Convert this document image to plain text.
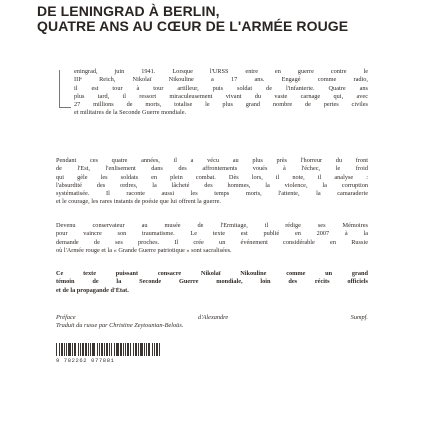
DE LENINGRAD À BERLIN,
QUATRE ANS AU CŒUR DE L'ARMÉE ROUGE
eningrad, juin 1941. Lorsque l'URSS entre en guerre contre le
IIIᵉ Reich, Nikolaï Nikouline a 17 ans. Engagé comme radio,
il est tour à tour artilleur, puis soldat de l'infanterie. Quatre ans
plus tard, il ressort miraculeusement vivant du vaste carnage qui, avec
27 millions de morts, totalise le plus grand nombre de pertes civiles
et militaires de la Seconde Guerre mondiale.
Pendant ces quatre années, il a vécu au plus près l'horreur du front
de l'Est, l'enlisement dans des affrontements voués à l'échec, le froid
qui gèle les soldats en plein combat. Dès lors, il note, il analyse :
l'absurdité des ordres, la lâcheté des hommes, la violence, la corruption
systématisée. Il raconte aussi les temps morts, l'attente, la camaraderie
et le courage, les rares instants de poésie que lui offrent la guerre.
Devenu conservateur au musée de l'Ermitage, il rédige ses Mémoires
pour vaincre son traumatisme. Le texte est publié en 2007 à la
demande de ses proches. Il crée un événement considérable en Russie
où l'Armée rouge et la « Grande Guerre patriotique » sont sacralisées.
Ce texte puissant consacre Nikolaï Nikouline comme un grand
témoin de la Seconde Guerre mondiale, loin des récits officiels
et de la propagande d'État.
Préface d'Alexandre Sumpf.
Traduit du russe par Christine Zeytounian-Beloüs.
9 782262 077881
